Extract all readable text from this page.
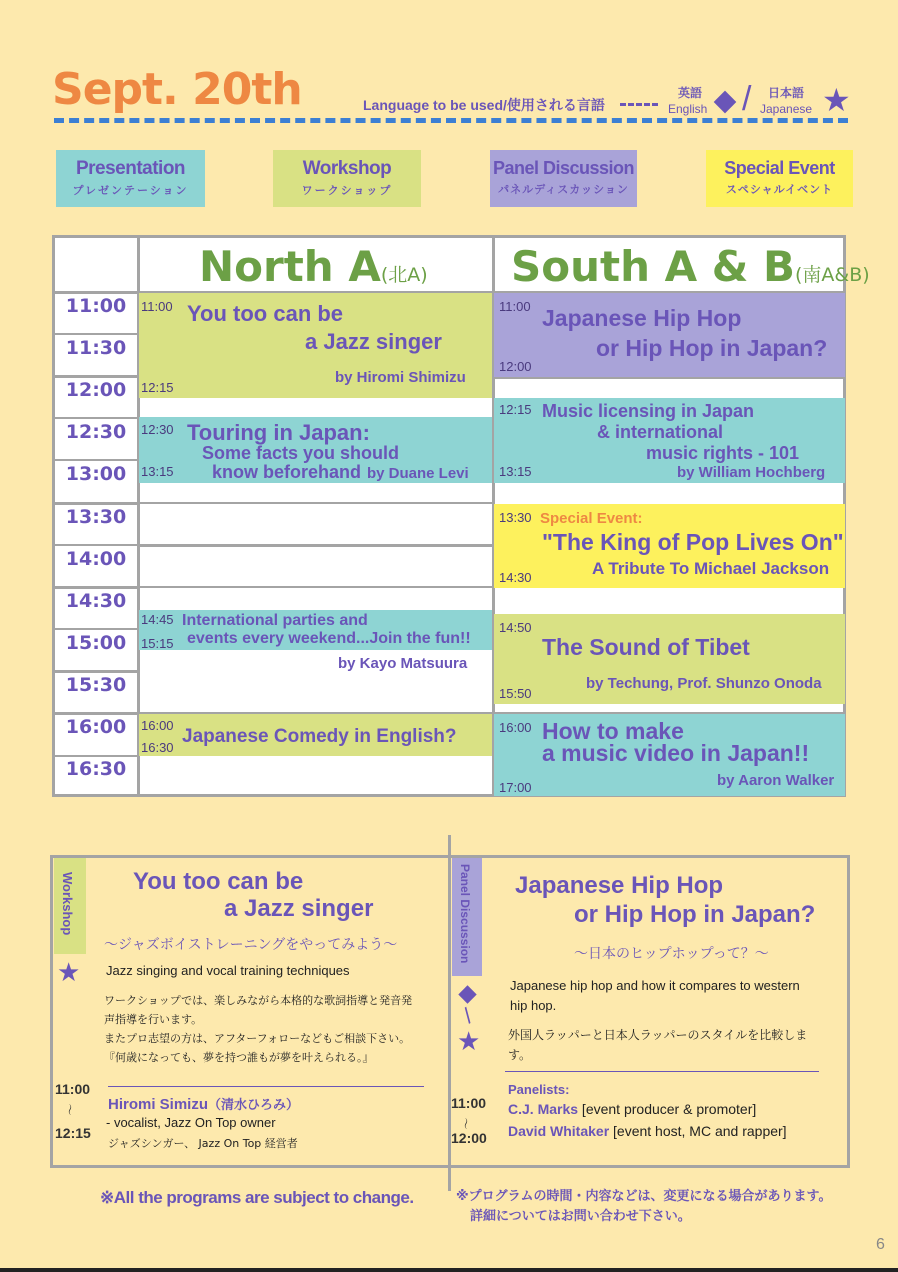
Sept. 20th	Language to be used/使用される言語
英語
English / 日本語
Japanese ★
Presentation
プレゼンテーション
Workshop
ワークショップ
Panel Discussion
パネルディスカッション
Special Event
スペシャルイベント
North A(北A) South A & B(南A&B)
11:00
11:30
12:00
12:30
13:00
13:30
14:00
14:30
15:00
15:30
16:00
16:30
11:00
12:15
You too can be
a Jazz singer
by Hiromi Shimizu
12:30
13:15
Touring in Japan:
Some facts you should
know beforehand by Duane Levi
14:45
15:15
International parties and
events every weekend...Join the fun!!
by Kayo Matsuura
16:00
16:30
Japanese Comedy in English?
11:00
12:00
Japanese Hip Hop
or Hip Hop in Japan?
12:15
13:15
Music licensing in Japan
& international
music rights - 101
by William Hochberg
13:30
14:30
Special Event:
"The King of Pop Lives On"
A Tribute To Michael Jackson
14:50
15:50
The Sound of Tibet
by Techung, Prof. Shunzo Onoda
16:00
17:00
How to make
a music video in Japan!!
by Aaron Walker
Workshop
★
You too can be
a Jazz singer
〜ジャズボイストレーニングをやってみよう〜
Jazz singing and vocal training techniques
ワークショップでは、楽しみながら本格的な歌詞指導と発音発
声指導を行います。
またプロ志望の方は、アフターフォローなどもご相談下さい。
『何歳になっても、夢を持つ誰もが夢を叶えられる。』
11:00
〜
12:15
Hiromi Simizu（清水ひろみ）
- vocalist, Jazz On Top owner
ジャズシンガー、 Jazz On Top 経営者
Panel Discussion
/
★
Japanese Hip Hop
or Hip Hop in Japan?
〜日本のヒップホップって？〜
Japanese hip hop and how it compares to western
hip hop.
外国人ラッパーと日本人ラッパーのスタイルを比較しま
す。
Panelists:
C.J. Marks [event producer & promoter]
David Whitaker [event host, MC and rapper]
11:00
〜
12:00
※All the programs are subject to change.	※プログラムの時間・内容などは、変更になる場合があります。
詳細についてはお問い合わせ下さい。
6
